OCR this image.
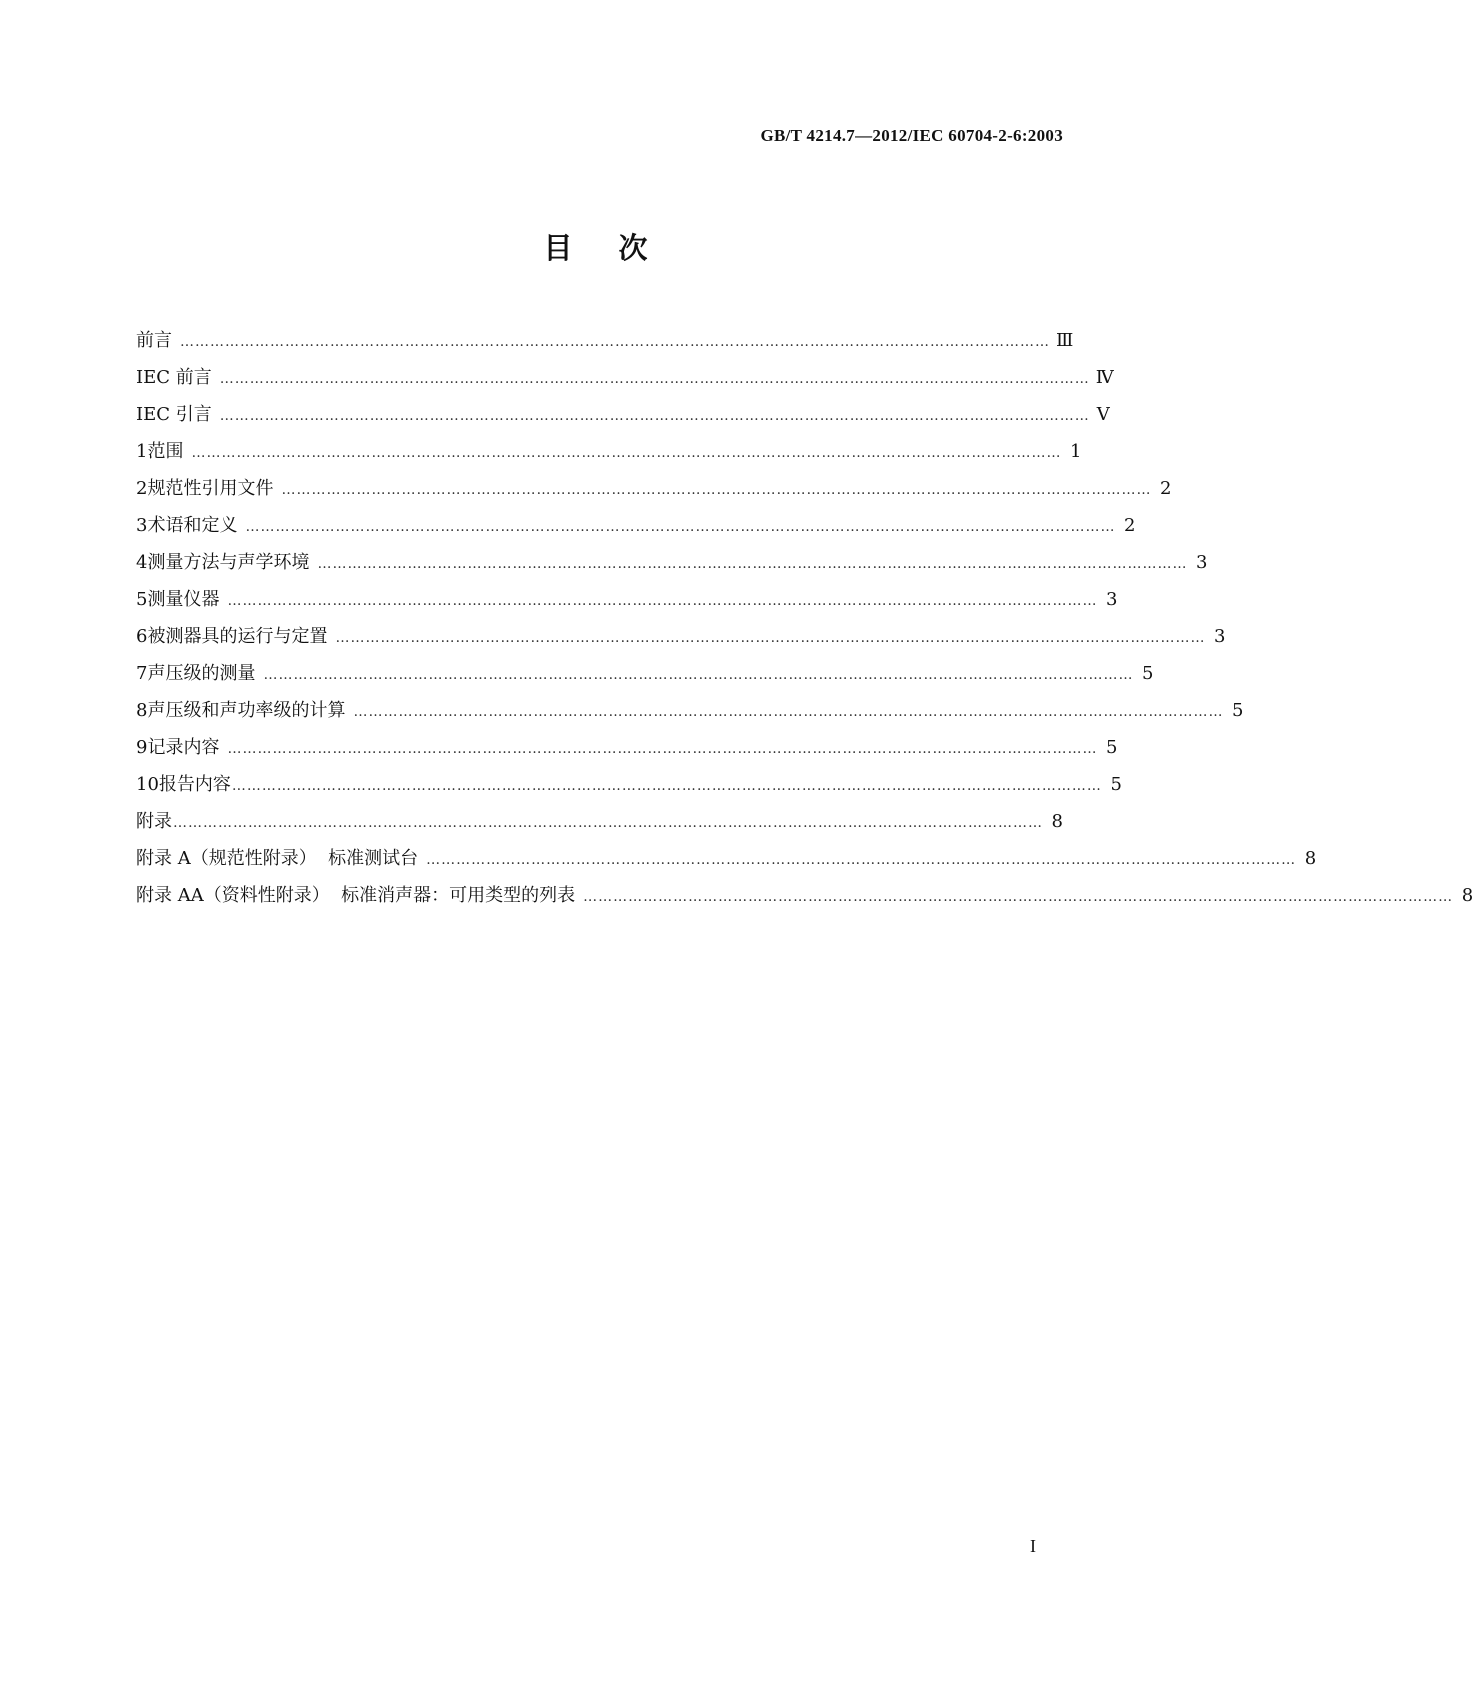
GB/T 4214.7—2012/IEC 60704-2-6:2003
目次
前言 ………………………………………………………………………………………………………………………………………………………… Ⅲ
IEC 前言 ………………………………………………………………………………………………………………………………………………………… Ⅳ
IEC 引言 ………………………………………………………………………………………………………………………………………………………… Ⅴ
1 范围 ………………………………………………………………………………………………………………………………………………………… 1
2 规范性引用文件 ………………………………………………………………………………………………………………………………………………………… 2
3 术语和定义 ………………………………………………………………………………………………………………………………………………………… 2
4 测量方法与声学环境 ………………………………………………………………………………………………………………………………………………………… 3
5 测量仪器 ………………………………………………………………………………………………………………………………………………………… 3
6 被测器具的运行与定置 ………………………………………………………………………………………………………………………………………………………… 3
7 声压级的测量 ………………………………………………………………………………………………………………………………………………………… 5
8 声压级和声功率级的计算 ………………………………………………………………………………………………………………………………………………………… 5
9 记录内容 ………………………………………………………………………………………………………………………………………………………… 5
10 报告内容 ………………………………………………………………………………………………………………………………………………………… 5
附录 ………………………………………………………………………………………………………………………………………………………… 8
附录 A（规范性附录）  标准测试台 ………………………………………………………………………………………………………………………………………………………… 8
附录 AA（资料性附录）  标准消声器：可用类型的列表 ………………………………………………………………………………………………………………………………………………………… 8
I
